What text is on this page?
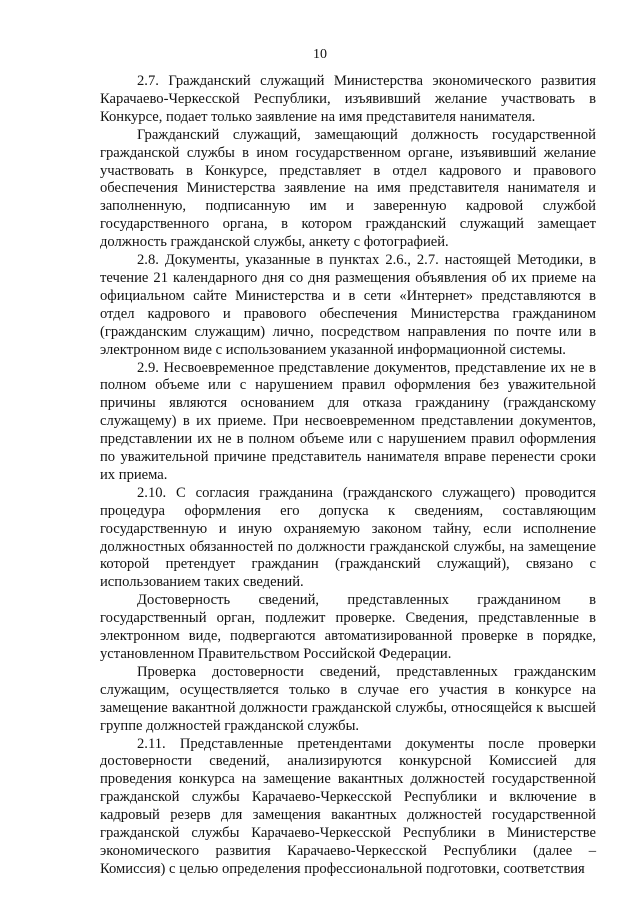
10

2.7. Гражданский служащий Министерства экономического развития Карачаево-Черкесской Республики, изъявивший желание участвовать в Конкурсе, подает только заявление на имя представителя нанимателя.

Гражданский служащий, замещающий должность государственной гражданской службы в ином государственном органе, изъявивший желание участвовать в Конкурсе, представляет в отдел кадрового и правового обеспечения Министерства заявление на имя представителя нанимателя и заполненную, подписанную им и заверенную кадровой службой государственного органа, в котором гражданский служащий замещает должность гражданской службы, анкету с фотографией.

2.8. Документы, указанные в пунктах 2.6., 2.7. настоящей Методики, в течение 21 календарного дня со дня размещения объявления об их приеме на официальном сайте Министерства и в сети «Интернет» представляются в отдел кадрового и правового обеспечения Министерства гражданином (гражданским служащим) лично, посредством направления по почте или в электронном виде с использованием указанной информационной системы.

2.9. Несвоевременное представление документов, представление их не в полном объеме или с нарушением правил оформления без уважительной причины являются основанием для отказа гражданину (гражданскому служащему) в их приеме. При несвоевременном представлении документов, представлении их не в полном объеме или с нарушением правил оформления по уважительной причине представитель нанимателя вправе перенести сроки их приема.

2.10. С согласия гражданина (гражданского служащего) проводится процедура оформления его допуска к сведениям, составляющим государственную и иную охраняемую законом тайну, если исполнение должностных обязанностей по должности гражданской службы, на замещение которой претендует гражданин (гражданский служащий), связано с использованием таких сведений.

Достоверность сведений, представленных гражданином в государственный орган, подлежит проверке. Сведения, представленные в электронном виде, подвергаются автоматизированной проверке в порядке, установленном Правительством Российской Федерации.

Проверка достоверности сведений, представленных гражданским служащим, осуществляется только в случае его участия в конкурсе на замещение вакантной должности гражданской службы, относящейся к высшей группе должностей гражданской службы.

2.11. Представленные претендентами документы после проверки достоверности сведений, анализируются конкурсной Комиссией для проведения конкурса на замещение вакантных должностей государственной гражданской службы Карачаево-Черкесской Республики и включение в кадровый резерв для замещения вакантных должностей государственной гражданской службы Карачаево-Черкесской Республики в Министерстве экономического развития Карачаево-Черкесской Республики (далее – Комиссия) с целью определения профессиональной подготовки, соответствия
